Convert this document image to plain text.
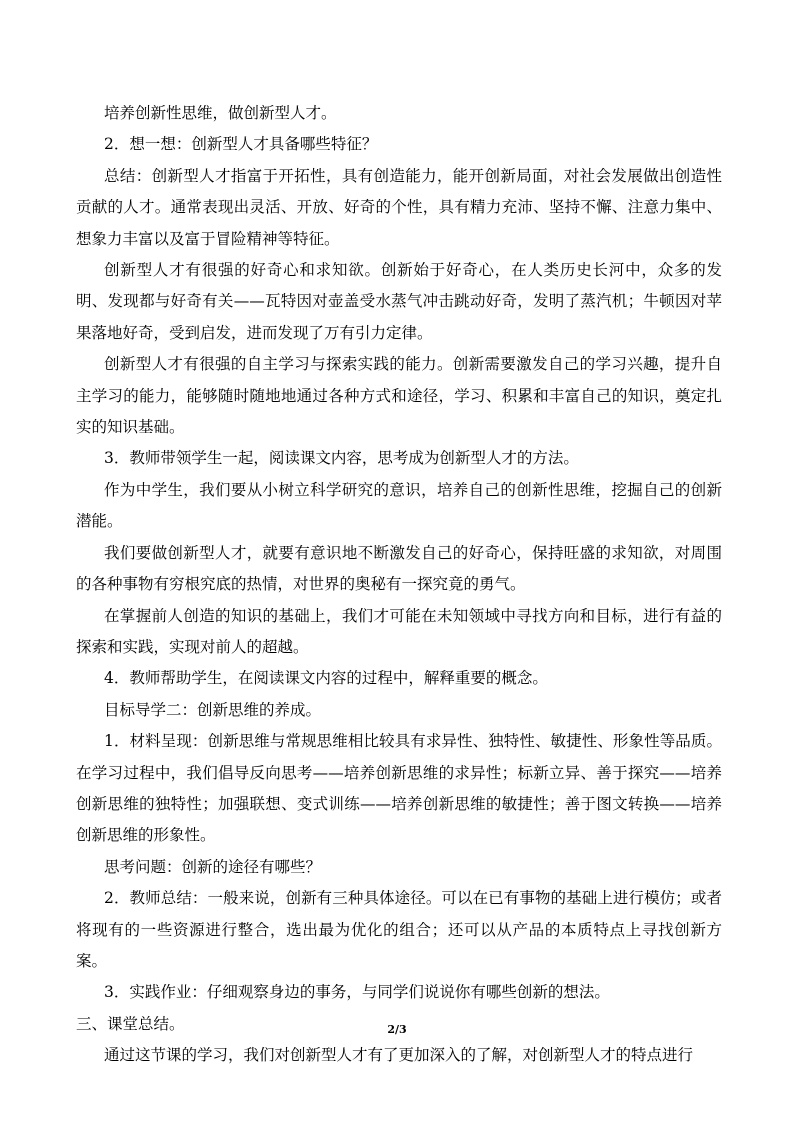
培养创新性思维，做创新型人才。

2．想一想：创新型人才具备哪些特征？

总结：创新型人才指富于开拓性，具有创造能力，能开创新局面，对社会发展做出创造性贡献的人才。通常表现出灵活、开放、好奇的个性，具有精力充沛、坚持不懈、注意力集中、想象力丰富以及富于冒险精神等特征。

创新型人才有很强的好奇心和求知欲。创新始于好奇心，在人类历史长河中，众多的发明、发现都与好奇有关——瓦特因对壶盖受水蒸气冲击跳动好奇，发明了蒸汽机；牛顿因对苹果落地好奇，受到启发，进而发现了万有引力定律。

创新型人才有很强的自主学习与探索实践的能力。创新需要激发自己的学习兴趣，提升自主学习的能力，能够随时随地地通过各种方式和途径，学习、积累和丰富自己的知识，奠定扎实的知识基础。

3．教师带领学生一起，阅读课文内容，思考成为创新型人才的方法。

作为中学生，我们要从小树立科学研究的意识，培养自己的创新性思维，挖掘自己的创新潜能。

我们要做创新型人才，就要有意识地不断激发自己的好奇心，保持旺盛的求知欲，对周围的各种事物有穷根究底的热情，对世界的奥秘有一探究竟的勇气。

在掌握前人创造的知识的基础上，我们才可能在未知领域中寻找方向和目标，进行有益的探索和实践，实现对前人的超越。

4．教师帮助学生，在阅读课文内容的过程中，解释重要的概念。

目标导学二：创新思维的养成。

1．材料呈现：创新思维与常规思维相比较具有求异性、独特性、敏捷性、形象性等品质。在学习过程中，我们倡导反向思考——培养创新思维的求异性；标新立异、善于探究——培养创新思维的独特性；加强联想、变式训练——培养创新思维的敏捷性；善于图文转换——培养创新思维的形象性。

思考问题：创新的途径有哪些？

2．教师总结：一般来说，创新有三种具体途径。可以在已有事物的基础上进行模仿；或者将现有的一些资源进行整合，选出最为优化的组合；还可以从产品的本质特点上寻找创新方案。

3．实践作业：仔细观察身边的事务，与同学们说说你有哪些创新的想法。

三、课堂总结。

通过这节课的学习，我们对创新型人才有了更加深入的了解，对创新型人才的特点进行

2/3
